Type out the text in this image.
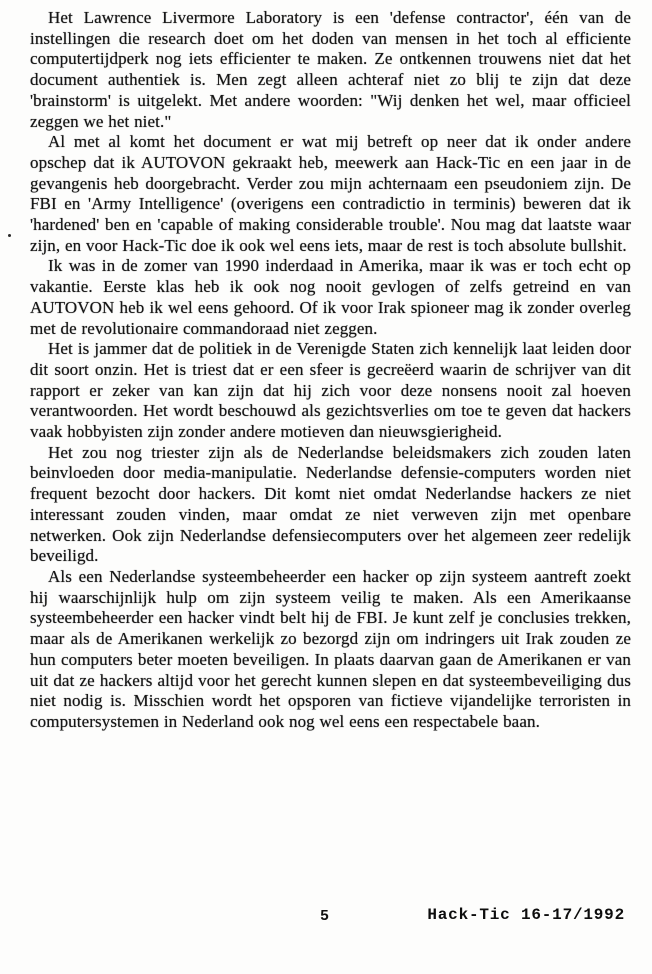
Het Lawrence Livermore Laboratory is een 'defense contractor', één van de instellingen die research doet om het doden van mensen in het toch al efficiente computertijdperk nog iets efficienter te maken. Ze ontkennen trouwens niet dat het document authentiek is. Men zegt alleen achteraf niet zo blij te zijn dat deze 'brainstorm' is uitgelekt. Met andere woorden: "Wij denken het wel, maar officieel zeggen we het niet."

Al met al komt het document er wat mij betreft op neer dat ik onder andere opschep dat ik AUTOVON gekraakt heb, meewerk aan Hack-Tic en een jaar in de gevangenis heb doorgebracht. Verder zou mijn achternaam een pseudoniem zijn. De FBI en 'Army Intelligence' (overigens een contradictio in terminis) beweren dat ik 'hardened' ben en 'capable of making considerable trouble'. Nou mag dat laatste waar zijn, en voor Hack-Tic doe ik ook wel eens iets, maar de rest is toch absolute bullshit.

Ik was in de zomer van 1990 inderdaad in Amerika, maar ik was er toch echt op vakantie. Eerste klas heb ik ook nog nooit gevlogen of zelfs getreind en van AUTOVON heb ik wel eens gehoord. Of ik voor Irak spioneer mag ik zonder overleg met de revolutionaire commandoraad niet zeggen.

Het is jammer dat de politiek in de Verenigde Staten zich kennelijk laat leiden door dit soort onzin. Het is triest dat er een sfeer is gecreëerd waarin de schrijver van dit rapport er zeker van kan zijn dat hij zich voor deze nonsens nooit zal hoeven verantwoorden. Het wordt beschouwd als gezichtsverlies om toe te geven dat hackers vaak hobbyisten zijn zonder andere motieven dan nieuwsgierigheid.

Het zou nog triester zijn als de Nederlandse beleidsmakers zich zouden laten beinvloeden door media-manipulatie. Nederlandse defensie-computers worden niet frequent bezocht door hackers. Dit komt niet omdat Nederlandse hackers ze niet interessant zouden vinden, maar omdat ze niet verweven zijn met openbare netwerken. Ook zijn Nederlandse defensiecomputers over het algemeen zeer redelijk beveiligd.

Als een Nederlandse systeembeheerder een hacker op zijn systeem aantreft zoekt hij waarschijnlijk hulp om zijn systeem veilig te maken. Als een Amerikaanse systeembeheerder een hacker vindt belt hij de FBI. Je kunt zelf je conclusies trekken, maar als de Amerikanen werkelijk zo bezorgd zijn om indringers uit Irak zouden ze hun computers beter moeten beveiligen. In plaats daarvan gaan de Amerikanen er van uit dat ze hackers altijd voor het gerecht kunnen slepen en dat systeembeveiliging dus niet nodig is. Misschien wordt het opsporen van fictieve vijandelijke terroristen in computersystemen in Nederland ook nog wel eens een respectabele baan.

5	Hack-Tic 16-17/1992
